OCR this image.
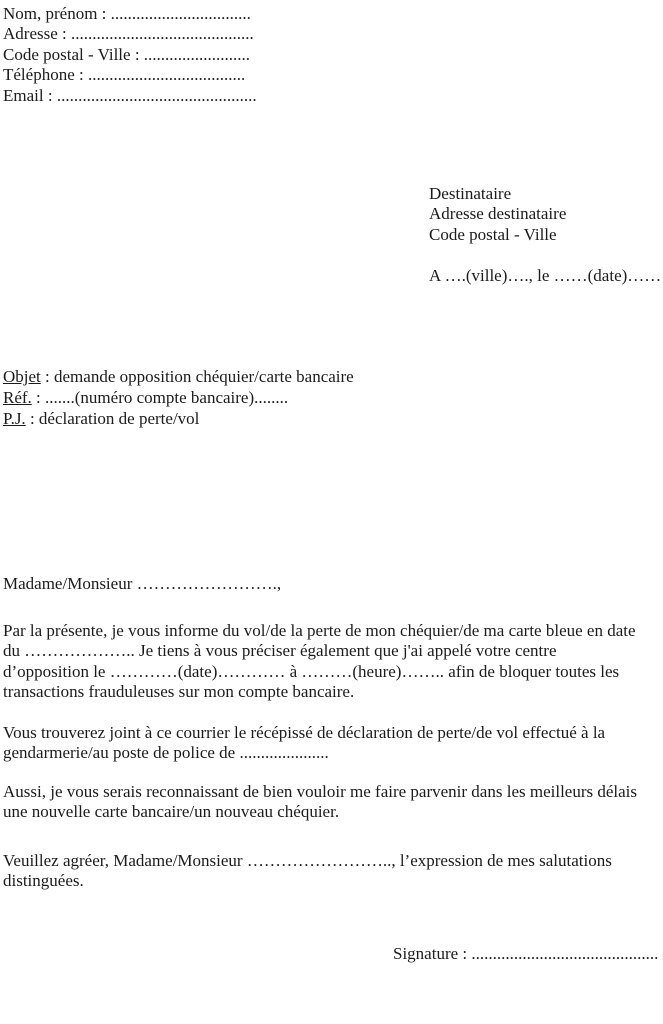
Nom, prénom : .................................
Adresse : ...........................................
Code postal - Ville : .........................
Téléphone : .....................................
Email : ...............................................
Destinataire
Adresse destinataire
Code postal - Ville
A ….(ville)…., le ……(date)……
Objet : demande opposition chéquier/carte bancaire
Réf. : .......(numéro compte bancaire)........
P.J. : déclaration de perte/vol
Madame/Monsieur …………………….,
Par la présente, je vous informe du vol/de la perte de mon chéquier/de ma carte bleue en date
du ……………….. Je tiens à vous préciser également que j'ai appelé votre centre
d’opposition le …………(date)………… à ………(heure)…….. afin de bloquer toutes les
transactions frauduleuses sur mon compte bancaire.
Vous trouverez joint à ce courrier le récépissé de déclaration de perte/de vol effectué à la
gendarmerie/au poste de police de .....................
Aussi, je vous serais reconnaissant de bien vouloir me faire parvenir dans les meilleurs délais
une nouvelle carte bancaire/un nouveau chéquier.
Veuillez agréer, Madame/Monsieur …………………….., l’expression de mes salutations
distinguées.
Signature : ............................................
